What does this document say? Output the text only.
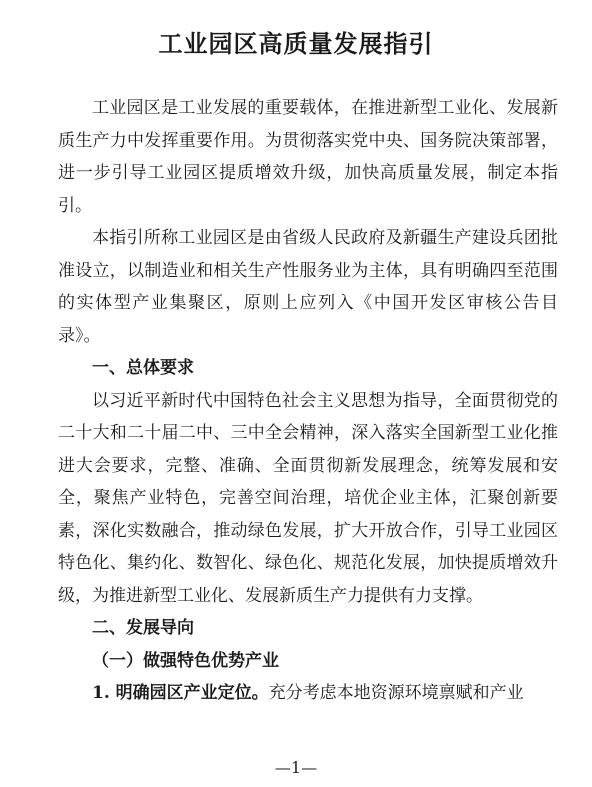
工业园区高质量发展指引

工业园区是工业发展的重要载体，在推进新型工业化、发展新质生产力中发挥重要作用。为贯彻落实党中央、国务院决策部署，进一步引导工业园区提质增效升级，加快高质量发展，制定本指引。

本指引所称工业园区是由省级人民政府及新疆生产建设兵团批准设立，以制造业和相关生产性服务业为主体，具有明确四至范围的实体型产业集聚区，原则上应列入《中国开发区审核公告目录》。

一、总体要求

以习近平新时代中国特色社会主义思想为指导，全面贯彻党的二十大和二十届二中、三中全会精神，深入落实全国新型工业化推进大会要求，完整、准确、全面贯彻新发展理念，统筹发展和安全，聚焦产业特色，完善空间治理，培优企业主体，汇聚创新要素，深化实数融合，推动绿色发展，扩大开放合作，引导工业园区特色化、集约化、数智化、绿色化、规范化发展，加快提质增效升级，为推进新型工业化、发展新质生产力提供有力支撑。

二、发展导向

（一）做强特色优势产业

1. 明确园区产业定位。充分考虑本地资源环境禀赋和产业

—1—
